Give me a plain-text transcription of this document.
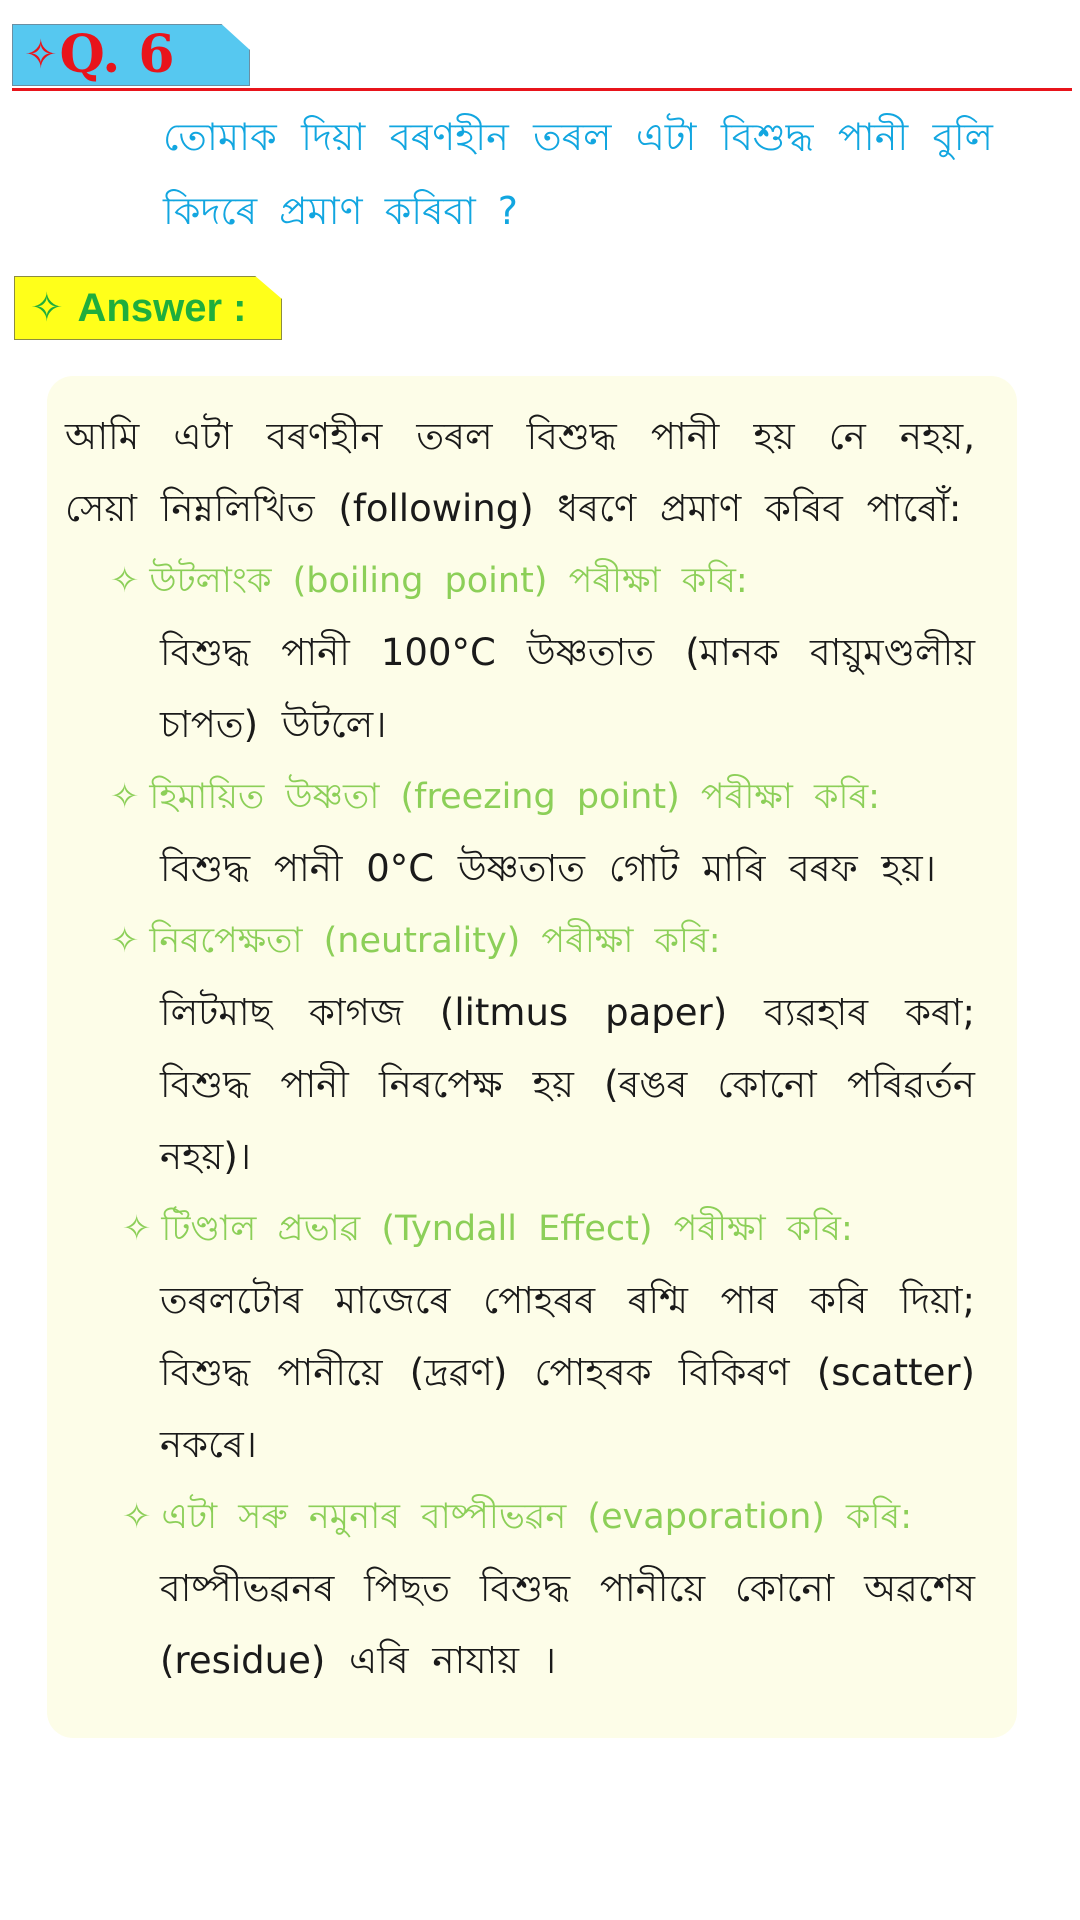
✧Q. 6
তোমাক দিয়া বৰণহীন তৰল এটা বিশুদ্ধ পানী বুলি কিদৰে প্ৰমাণ কৰিবা ?
✧ Answer :
আমি এটা বৰণহীন তৰল বিশুদ্ধ পানী হয় নে নহয়, সেয়া নিম্নলিখিত (following) ধৰণে প্ৰমাণ কৰিব পাৰোঁ:
✧ উটলাংক (boiling point) পৰীক্ষা কৰি:
বিশুদ্ধ পানী 100°C উষ্ণতাত (মানক বায়ুমণ্ডলীয় চাপত) উটলে।
✧ হিমায়িত উষ্ণতা (freezing point) পৰীক্ষা কৰি:
বিশুদ্ধ পানী 0°C উষ্ণতাত গোট মাৰি বৰফ হয়।
✧ নিৰপেক্ষতা (neutrality) পৰীক্ষা কৰি:
লিটমাছ কাগজ (litmus paper) ব্যৱহাৰ কৰা; বিশুদ্ধ পানী নিৰপেক্ষ হয় (ৰঙৰ কোনো পৰিৱৰ্তন নহয়)।
✧ টিণ্ডাল প্ৰভাৱ (Tyndall Effect) পৰীক্ষা কৰি:
তৰলটোৰ মাজেৰে পোহৰৰ ৰশ্মি পাৰ কৰি দিয়া; বিশুদ্ধ পানীয়ে (দ্ৰৱণ) পোহৰক বিকিৰণ (scatter) নকৰে।
✧ এটা সৰু নমুনাৰ বাষ্পীভৱন (evaporation) কৰি:
বাষ্পীভৱনৰ পিছত বিশুদ্ধ পানীয়ে কোনো অৱশেষ (residue) এৰি নাযায় ।
